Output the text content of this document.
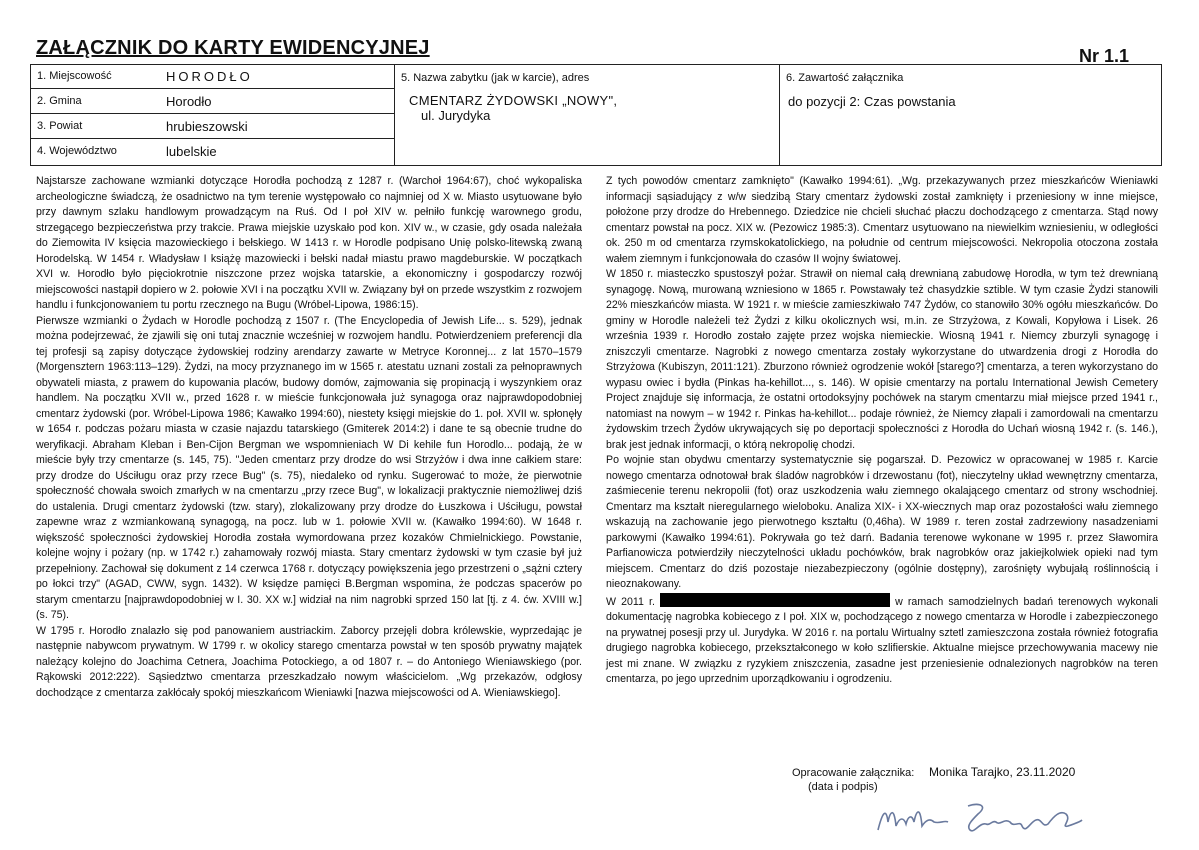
ZAŁĄCZNIK DO KARTY EWIDENCYJNEJ	Nr 1.1
1. Miejscowość	HORODŁO
2. Gmina	Horodło
3. Powiat	hrubieszowski
4. Województwo	lubelskie
5. Nazwa zabytku (jak w karcie), adres
CMENTARZ ŻYDOWSKI „NOWY",
ul. Jurydyka
6. Zawartość załącznika
do pozycji 2: Czas powstania

Najstarsze zachowane wzmianki dotyczące Horodła pochodzą z 1287 r. (Warchoł 1964:67), choć wykopaliska archeologiczne świadczą, że osadnictwo na tym terenie występowało co najmniej od X w. Miasto usytuowane było przy dawnym szlaku handlowym prowadzącym na Ruś. Od I poł XIV w. pełniło funkcję warownego grodu, strzegącego bezpieczeństwa przy trakcie. Prawa miejskie uzyskało pod kon. XIV w., w czasie, gdy osada należała do Ziemowita IV księcia mazowieckiego i bełskiego. W 1413 r. w Horodle podpisano Unię polsko-litewską zwaną Horodelską. W 1454 r. Władysław I książę mazowiecki i bełski nadał miastu prawo magdeburskie. W początkach XVI w. Horodło było pięciokrotnie niszczone przez wojska tatarskie, a ekonomiczny i gospodarczy rozwój miejscowości nastąpił dopiero w 2. połowie XVI i na początku XVII w. Związany był on przede wszystkim z rozwojem handlu i funkcjonowaniem tu portu rzecznego na Bugu (Wróbel-Lipowa, 1986:15).

Pierwsze wzmianki o Żydach w Horodle pochodzą z 1507 r. (The Encyclopedia of Jewish Life... s. 529), jednak można podejrzewać, że zjawili się oni tutaj znacznie wcześniej w rozwojem handlu. Potwierdzeniem preferencji dla tej profesji są zapisy dotyczące żydowskiej rodziny arendarzy zawarte w Metryce Koronnej... z lat 1570–1579 (Morgensztern 1963:113–129). Żydzi, na mocy przyznanego im w 1565 r. atestatu uznani zostali za pełnoprawnych obywateli miasta, z prawem do kupowania placów, budowy domów, zajmowania się propinacją i wyszynkiem oraz handlem. Na początku XVII w., przed 1628 r. w mieście funkcjonowała już synagoga oraz najprawdopodobniej cmentarz żydowski (por. Wróbel-Lipowa 1986; Kawałko 1994:60), niestety księgi miejskie do 1. poł. XVII w. spłonęły w 1654 r. podczas pożaru miasta w czasie najazdu tatarskiego (Gmiterek 2014:2) i dane te są obecnie trudne do weryfikacji. Abraham Kleban i Ben-Cijon Bergman we wspomnieniach W Di kehile fun Horodlo... podają, że w mieście były trzy cmentarze (s. 145, 75). "Jeden cmentarz przy drodze do wsi Strzyżów i dwa inne całkiem stare: przy drodze do Uściługu oraz przy rzece Bug" (s. 75), niedaleko od rynku. Sugerować to może, że pierwotnie społeczność chowała swoich zmarłych w na cmentarzu „przy rzece Bug", w lokalizacji praktycznie niemożliwej dziś do ustalenia. Drugi cmentarz żydowski (tzw. stary), zlokalizowany przy drodze do Łuszkowa i Uściługu, powstał zapewne wraz z wzmiankowaną synagogą, na pocz. lub w 1. połowie XVII w. (Kawałko 1994:60). W 1648 r. większość społeczności żydowskiej Horodła została wymordowana przez kozaków Chmielnickiego. Powstanie, kolejne wojny i pożary (np. w 1742 r.) zahamowały rozwój miasta. Stary cmentarz żydowski w tym czasie był już przepełniony. Zachował się dokument z 14 czerwca 1768 r. dotyczący powiększenia jego przestrzeni o „sążni cztery po łokci trzy" (AGAD, CWW, sygn. 1432). W księdze pamięci B.Bergman wspomina, że podczas spacerów po starym cmentarzu [najprawdopodobniej w I. 30. XX w.] widział na nim nagrobki sprzed 150 lat [tj. z 4. ćw. XVIII w.] (s. 75).

W 1795 r. Horodło znalazło się pod panowaniem austriackim. Zaborcy przejęli dobra królewskie, wyprzedając je następnie nabywcom prywatnym. W 1799 r. w okolicy starego cmentarza powstał w ten sposób prywatny majątek należący kolejno do Joachima Cetnera, Joachima Potockiego, a od 1807 r. – do Antoniego Wieniawskiego (por. Rąkowski 2012:222). Sąsiedztwo cmentarza przeszkadzało nowym właścicielom. „Wg przekazów, odgłosy dochodzące z cmentarza zakłócały spokój mieszkańcom Wieniawki [nazwa miejscowości od A. Wieniawskiego].

Z tych powodów cmentarz zamknięto" (Kawałko 1994:61). „Wg. przekazywanych przez mieszkańców Wieniawki informacji sąsiadujący z w/w siedzibą Stary cmentarz żydowski został zamknięty i przeniesiony w inne miejsce, położone przy drodze do Hrebennego. Dziedzice nie chcieli słuchać płaczu dochodzącego z cmentarza. Stąd nowy cmentarz powstał na pocz. XIX w. (Pezowicz 1985:3). Cmentarz usytuowano na niewielkim wzniesieniu, w odległości ok. 250 m od cmentarza rzymskokatolickiego, na południe od centrum miejscowości. Nekropolia otoczona została wałem ziemnym i funkcjonowała do czasów II wojny światowej.

W 1850 r. miasteczko spustoszył pożar. Strawił on niemal całą drewnianą zabudowę Horodła, w tym też drewnianą synagogę. Nową, murowaną wzniesiono w 1865 r. Powstawały też chasydzkie sztible. W tym czasie Żydzi stanowili 22% mieszkańców miasta. W 1921 r. w mieście zamieszkiwało 747 Żydów, co stanowiło 30% ogółu mieszkańców. Do gminy w Horodle należeli też Żydzi z kilku okolicznych wsi, m.in. ze Strzyżowa, z Kowali, Kopyłowa i Lisek. 26 września 1939 r. Horodło zostało zajęte przez wojska niemieckie. Wiosną 1941 r. Niemcy zburzyli synagogę i zniszczyli cmentarze. Nagrobki z nowego cmentarza zostały wykorzystane do utwardzenia drogi z Horodła do Strzyżowa (Kubiszyn, 2011:121). Zburzono również ogrodzenie wokół [starego?] cmentarza, a teren wykorzystano do wypasu owiec i bydła (Pinkas ha-kehillot..., s. 146). W opisie cmentarzy na portalu International Jewish Cemetery Project znajduje się informacja, że ostatni ortodoksyjny pochówek na starym cmentarzu miał miejsce przed 1941 r., natomiast na nowym – w 1942 r. Pinkas ha-kehillot... podaje również, że Niemcy złapali i zamordowali na cmentarzu żydowskim trzech Żydów ukrywających się po deportacji społeczności z Horodła do Uchań wiosną 1942 r. (s. 146.), brak jest jednak informacji, o którą nekropolię chodzi.

Po wojnie stan obydwu cmentarzy systematycznie się pogarszał. D. Pezowicz w opracowanej w 1985 r. Karcie nowego cmentarza odnotował brak śladów nagrobków i drzewostanu (fot), nieczytelny układ wewnętrzny cmentarza, zaśmiecenie terenu nekropolii (fot) oraz uszkodzenia wału ziemnego okalającego cmentarz od strony wschodniej. Cmentarz ma kształt nieregularnego wieloboku. Analiza XIX- i XX-wiecznych map oraz pozostałości wału ziemnego wskazują na zachowanie jego pierwotnego kształtu (0,46ha). W 1989 r. teren został zadrzewiony nasadzeniami parkowymi (Kawałko 1994:61). Pokrywała go też darń. Badania terenowe wykonane w 1995 r. przez Sławomira Parfianowicza potwierdziły nieczytelności układu pochówków, brak nagrobków oraz jakiejkolwiek opieki nad tym miejscem. Cmentarz do dziś pozostaje niezabezpieczony (ogólnie dostępny), zarośnięty wybujałą roślinnością i nieoznakowany.

W 2011 r.	w ramach samodzielnych badań terenowych wykonali dokumentację nagrobka kobiecego z I poł. XIX w, pochodzącego z nowego cmentarza w Horodle i zabezpieczonego na prywatnej posesji przy ul. Jurydyka. W 2016 r. na portalu Wirtualny sztetl zamieszczona została również fotografia drugiego nagrobka kobiecego, przekształconego w koło szlifierskie. Aktualne miejsce przechowywania macewy nie jest mi znane. W związku z ryzykiem zniszczenia, zasadne jest przeniesienie odnalezionych nagrobków na teren cmentarza, po jego uprzednim uporządkowaniu i ogrodzeniu.

Opracowanie załącznika:
(data i podpis)
Monika Tarajko, 23.11.2020
